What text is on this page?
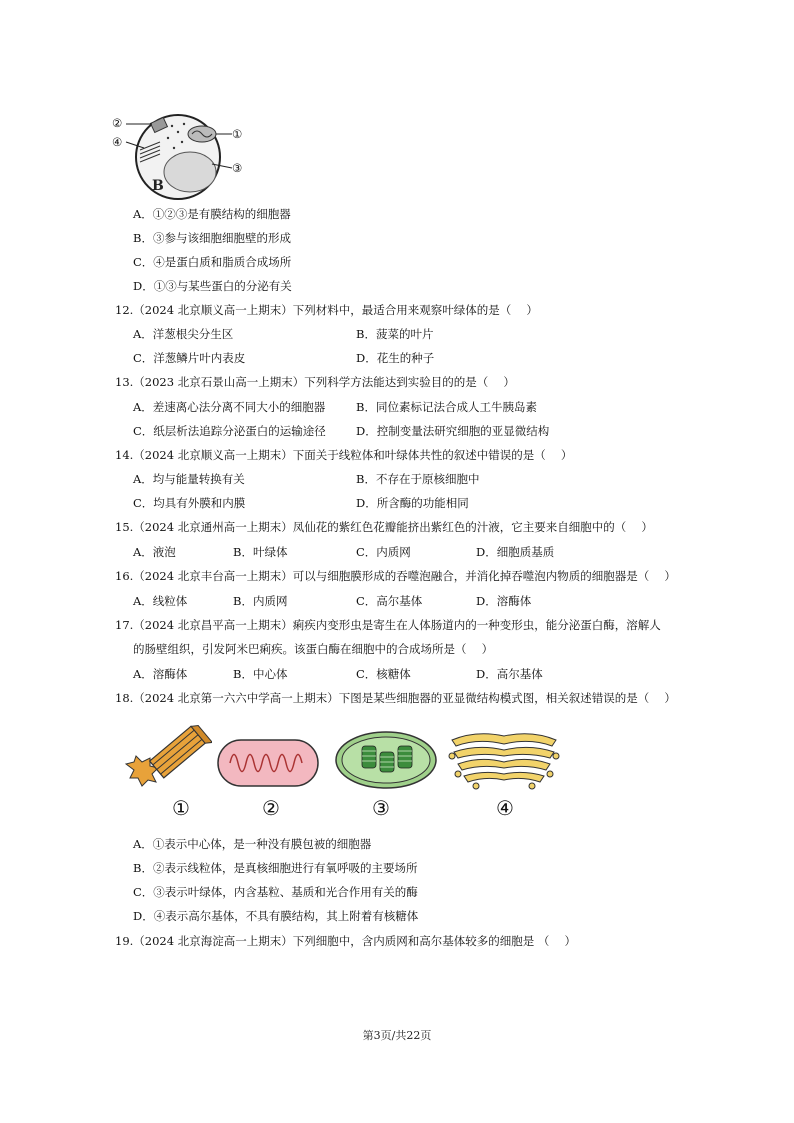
B
②
④
①
③
A．①②③是有膜结构的细胞器
B．③参与该细胞细胞壁的形成
C．④是蛋白质和脂质合成场所
D．①③与某些蛋白的分泌有关
12.（2024 北京顺义高一上期末）下列材料中，最适合用来观察叶绿体的是（　 ）
A．洋葱根尖分生区	B．菠菜的叶片
C．洋葱鳞片叶内表皮	D．花生的种子
13.（2023 北京石景山高一上期末）下列科学方法能达到实验目的的是（　 ）
A．差速离心法分离不同大小的细胞器	B．同位素标记法合成人工牛胰岛素
C．纸层析法追踪分泌蛋白的运输途径	D．控制变量法研究细胞的亚显微结构
14.（2024 北京顺义高一上期末）下面关于线粒体和叶绿体共性的叙述中错误的是（　 ）
A．均与能量转换有关	B．不存在于原核细胞中
C．均具有外膜和内膜	D．所含酶的功能相同
15.（2024 北京通州高一上期末）凤仙花的紫红色花瓣能挤出紫红色的汁液，它主要来自细胞中的（　 ）
A．液泡	B．叶绿体	C．内质网	D．细胞质基质
16.（2024 北京丰台高一上期末）可以与细胞膜形成的吞噬泡融合，并消化掉吞噬泡内物质的细胞器是（　 ）
A．线粒体	B．内质网	C．高尔基体	D．溶酶体
17.（2024 北京昌平高一上期末）痢疾内变形虫是寄生在人体肠道内的一种变形虫，能分泌蛋白酶，溶解人
的肠壁组织，引发阿米巴痢疾。该蛋白酶在细胞中的合成场所是（　 ）
A．溶酶体	B．中心体	C．核糖体	D．高尔基体
18.（2024 北京第一六六中学高一上期末）下图是某些细胞器的亚显微结构模式图，相关叙述错误的是（　 ）
①	②	③	④
A．①表示中心体，是一种没有膜包被的细胞器
B．②表示线粒体，是真核细胞进行有氧呼吸的主要场所
C．③表示叶绿体，内含基粒、基质和光合作用有关的酶
D．④表示高尔基体，不具有膜结构，其上附着有核糖体
19.（2024 北京海淀高一上期末）下列细胞中，含内质网和高尔基体较多的细胞是 （　 ）
第3页/共22页
